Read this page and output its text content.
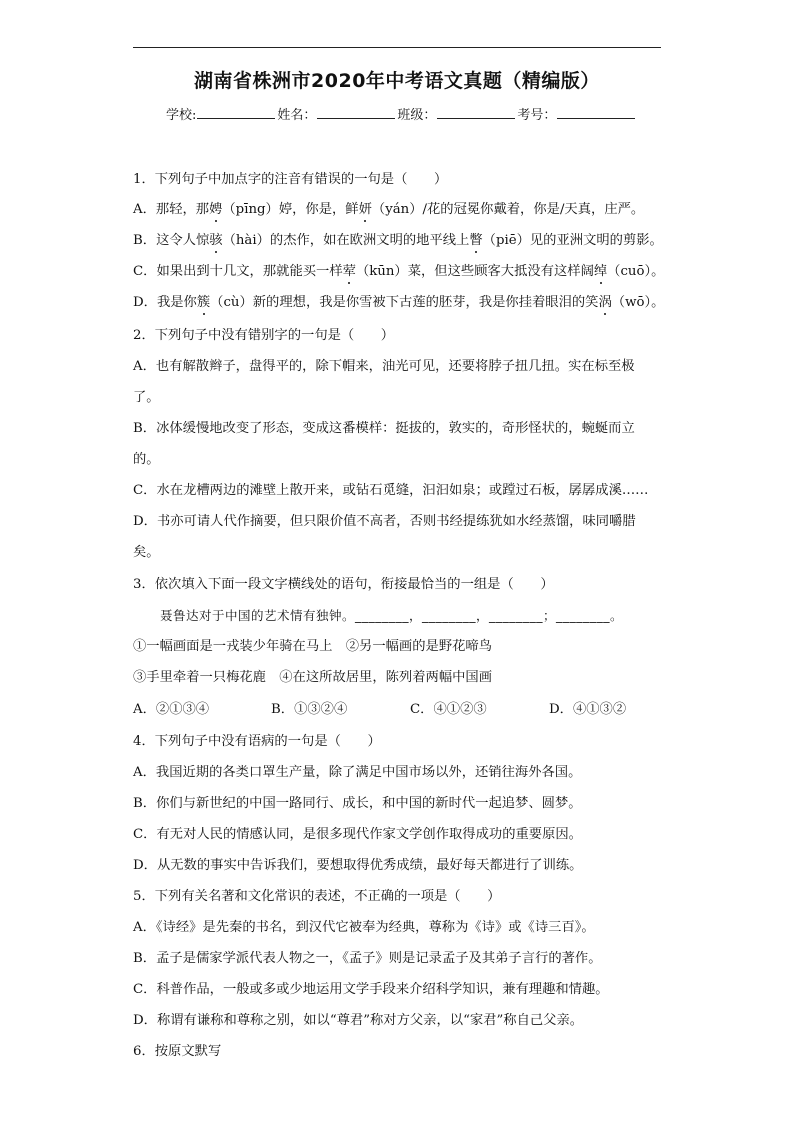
湖南省株洲市2020年中考语文真题（精编版）
学校:	姓名：	班级：	考号：
1．下列句子中加点字的注音有错误的一句是（　　）
A．那轻，那娉（pīng）婷，你是，鲜妍（yán）/花的冠冕你戴着，你是/天真，庄严。
B．这令人惊骇（hài）的杰作，如在欧洲文明的地平线上瞥（piē）见的亚洲文明的剪影。
C．如果出到十几文，那就能买一样荤（kūn）菜，但这些顾客大抵没有这样阔绰（cuō）。
D．我是你簇（cù）新的理想，我是你雪被下古莲的胚芽，我是你挂着眼泪的笑涡（wō）。
2．下列句子中没有错别字的一句是（　　）
A．也有解散辫子，盘得平的，除下帽来，油光可见，还要将脖子扭几扭。实在标至极
了。
B．冰体缓慢地改变了形态，变成这番模样：挺拔的，敦实的，奇形怪状的，蜿蜒而立
的。
C．水在龙槽两边的滩壁上散开来，或钻石觅缝，汩汩如泉；或蹚过石板，孱孱成溪……
D．书亦可请人代作摘要，但只限价值不高者，否则书经提练犹如水经蒸馏，味同嚼腊
矣。
3．依次填入下面一段文字横线处的语句，衔接最恰当的一组是（　　）
聂鲁达对于中国的艺术情有独钟。________，________，________；________。
①一幅画面是一戎装少年骑在马上　②另一幅画的是野花啼鸟
③手里牵着一只梅花鹿　④在这所故居里，陈列着两幅中国画
A．②①③④	B．①③②④	C．④①②③	D．④①③②
4．下列句子中没有语病的一句是（　　）
A．我国近期的各类口罩生产量，除了满足中国市场以外，还销往海外各国。
B．你们与新世纪的中国一路同行、成长，和中国的新时代一起追梦、圆梦。
C．有无对人民的情感认同，是很多现代作家文学创作取得成功的重要原因。
D．从无数的事实中告诉我们，要想取得优秀成绩，最好每天都进行了训练。
5．下列有关名著和文化常识的表述，不正确的一项是（　　）
A．《诗经》是先秦的书名，到汉代它被奉为经典，尊称为《诗》或《诗三百》。
B．孟子是儒家学派代表人物之一，《孟子》则是记录孟子及其弟子言行的著作。
C．科普作品，一般或多或少地运用文学手段来介绍科学知识，兼有理趣和情趣。
D．称谓有谦称和尊称之别，如以“尊君”称对方父亲，以“家君”称自己父亲。
6．按原文默写
